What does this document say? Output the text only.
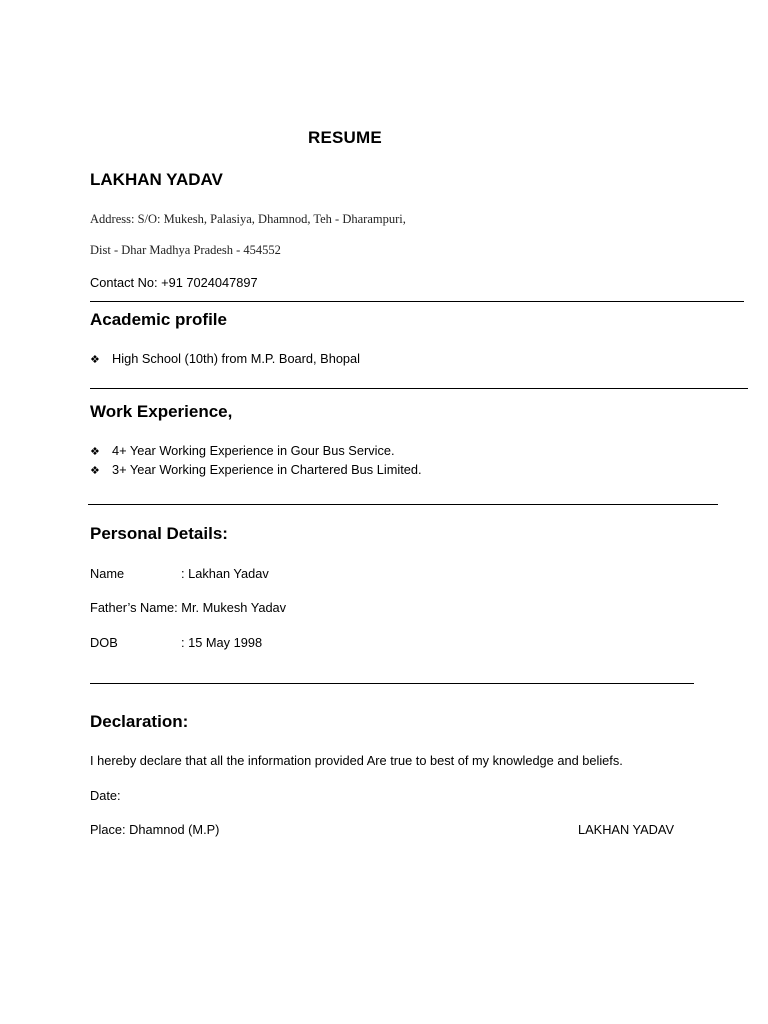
RESUME
LAKHAN YADAV
Address: S/O: Mukesh, Palasiya, Dhamnod, Teh - Dharampuri,
Dist - Dhar Madhya Pradesh - 454552
Contact No: +91 7024047897
Academic profile
❖ High School (10th) from M.P. Board, Bhopal
Work Experience,
❖ 4+ Year Working Experience in Gour Bus Service.
❖ 3+ Year Working Experience in Chartered Bus Limited.
Personal Details:
Name	: Lakhan Yadav
Father’s Name: Mr. Mukesh Yadav
DOB	: 15 May 1998
Declaration:
I hereby declare that all the information provided Are true to best of my knowledge and beliefs.
Date:
Place: Dhamnod (M.P)	LAKHAN YADAV
